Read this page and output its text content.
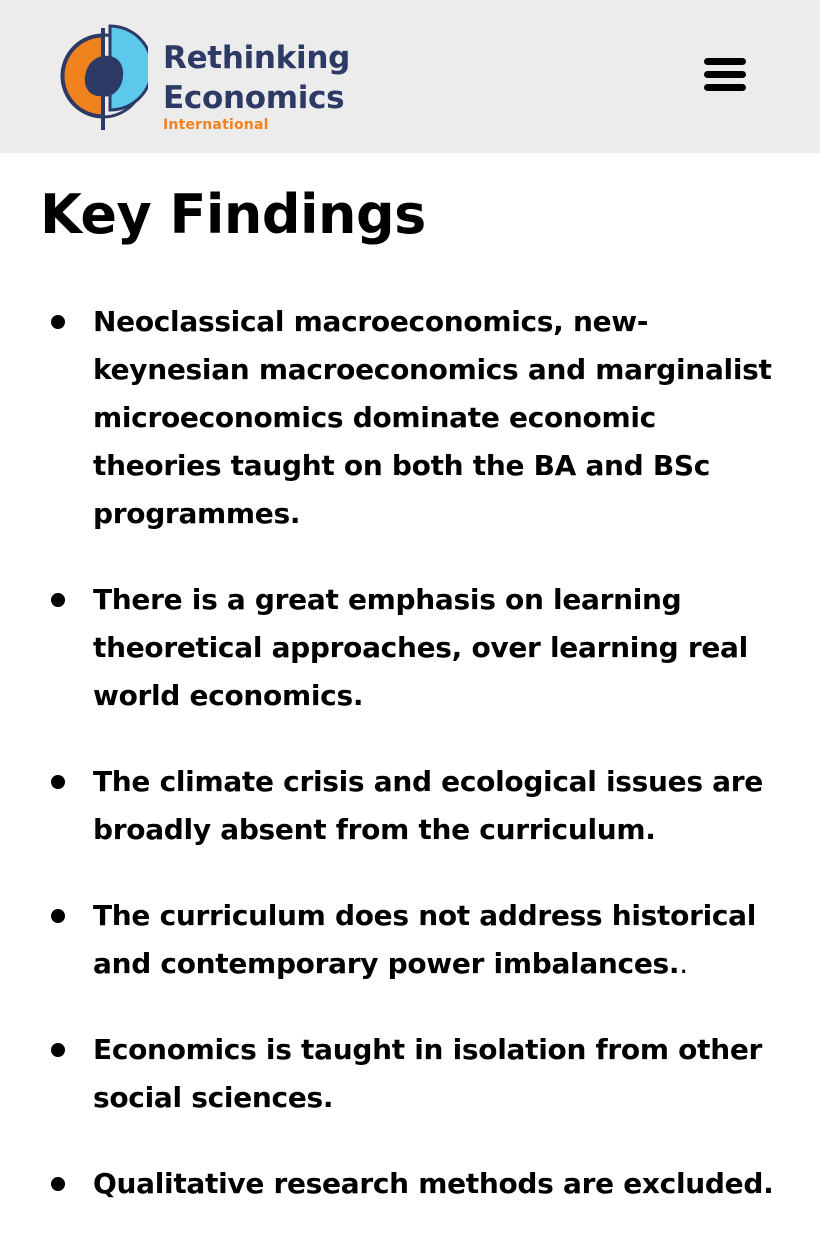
Rethinking
Economics
International
Key Findings
Neoclassical macroeconomics, new-keynesian macroeconomics and marginalist microeconomics dominate economic theories taught on both the BA and BSc programmes.
There is a great emphasis on learning theoretical approaches, over learning real world economics.
The climate crisis and ecological issues are broadly absent from the curriculum.
The curriculum does not address historical and contemporary power imbalances..
Economics is taught in isolation from other social sciences.
Qualitative research methods are excluded.
